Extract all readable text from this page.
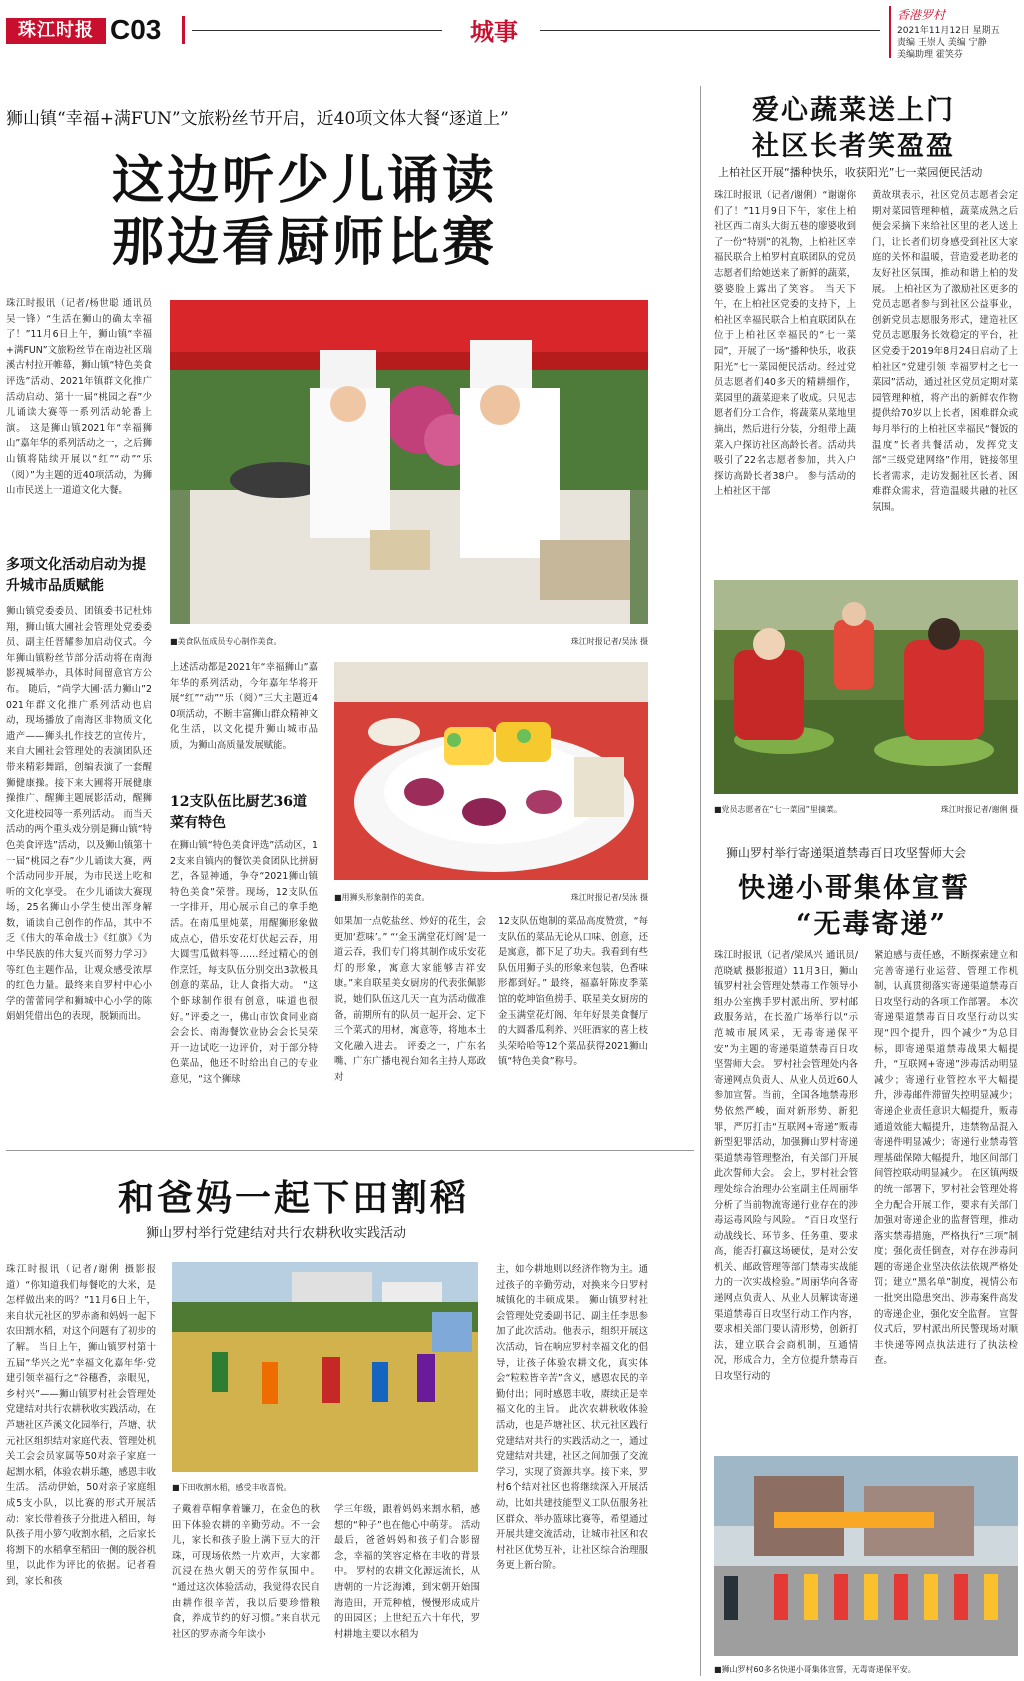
珠江时报 C03	城事
香港罗村
2021年11月12日 星期五
责编 王崇人 美编 宁静
美编助理 霍笑芬
狮山镇“幸福+满FUN”文旅粉丝节开启，近40项文体大餐“逐道上”
这边听少儿诵读
那边看厨师比赛
珠江时报讯（记者/杨世聪 通讯员 吴一锋）“生活在狮山的确太幸福了！”11月6日上午，狮山镇“幸福+满FUN”文旅粉丝节在南边社区瑞溪古村拉开帷幕，狮山镇“特色美食评选”活动、2021年镇群文化推广活动启动、第十一届“桃园之春”少儿诵读大赛等一系列活动轮番上演。 这是狮山镇2021年“幸福狮山”嘉年华的系列活动之一，之后狮山镇将陆续开展以“红”“动”“乐（阅）”为主题的近40项活动，为狮山市民送上一道道文化大餐。
多项文化活动启动为提升城市品质赋能
狮山镇党委委员、团镇委书记杜炜翔，狮山镇大圃社会管理处党委委员、副主任晋耀参加启动仪式。今年狮山镇粉丝节部分活动将在南海影视城举办，具体时间留意官方公布。 随后，“尚学大圃·活力狮山”2021年群文化推广系列活动也启动，现场播放了南海区非物质文化遗产——狮头扎作技艺的宣传片，来自大圃社会管理处的表演团队还带来精彩舞蹈，创编表演了一套醒狮健康操。接下来大圃将开展健康操推广、醒狮主题展影活动，醒狮文化进校园等一系列活动。 而当天活动的两个重头戏分别是狮山镇“特色美食评选”活动，以及狮山镇第十一届“桃园之春”少儿诵读大赛，两个活动同步开展，为市民送上吃和听的文化享受。 在少儿诵读大赛现场，25名狮山小学生使出浑身解数，诵读自己创作的作品，其中不乏《伟大的革命战士》《红旗》《为中华民族的伟大复兴而努力学习》等红色主题作品，让观众感受浓厚的红色力量。最终来自罗村中心小学的蕾蕾同学和狮城中心小学的陈娟娟凭借出色的表现，脱颖而出。
■美食队伍成员专心制作美食。	珠江时报记者/吴泳 摄
上述活动都是2021年“幸福狮山”嘉年华的系列活动，今年嘉年华将开展“红”“动”“乐（阅）”三大主题近40项活动，不断丰富狮山群众精神文化生活，以文化提升狮山城市品质，为狮山高质量发展赋能。
12支队伍比厨艺36道菜有特色
在狮山镇“特色美食评选”活动区，12支来自镇内的餐饮美食团队比拼厨艺，各显神通，争夺“2021狮山镇特色美食”荣誉。现场，12支队伍一字排开，用心展示自己的拿手绝活。在南瓜里炖菜，用醒狮形象做成点心，借乐安花灯伏起云吞，用大圆雪瓜做料等……经过精心的创作烹饪，每支队伍分别交出3款极具创意的菜品，让人食指大动。 “这个虾球制作很有创意，味道也很好。”评委之一，佛山市饮食同业商会会长、南海餐饮业协会会长吴荣开一边试吃一边评价，对于部分特色菜品，他还不时给出自己的专业意见，“这个狮球
■用狮头形象制作的美食。	珠江时报记者/吴泳 摄
如果加一点乾盐丝、炒好的花生，会更加‘惹味’。” “‘金玉满堂花灯阁’是一道云吞，我们专门将其制作成乐安花灯的形象，寓意大家能够吉祥安康。”来自联星美女厨房的代表张佩影说，她们队伍这几天一直为活动做准备，前期所有的队员一起开会、定下三个菜式的用材，寓意等，将地本土文化融入进去。 评委之一，广东名嘴、广东广播电视台知名主持人郑政对
12支队伍炮制的菜品高度赞赏，“每支队伍的菜品无论从口味、创意，还是寓意，都下足了功夫。我看到有些队伍用狮子头的形象来包装，色香味形都到好。” 最终，福嘉轩陈皮季菜馆的乾坤馅鱼捞手、联星美女厨房的金玉满堂花灯阁、年年好景美食餐厅的大圆番瓜利养、兴旺酒家的喜上枝头荣哈哈等12个菜品获得2021狮山镇“特色美食”称号。
爱心蔬菜送上门
社区长者笑盈盈
上柏社区开展“播种快乐，收获阳光”七一菜园便民活动
珠江时报讯（记者/谢俐）“谢谢你们了！”11月9日下午，家住上柏社区西二南头大街五巷的廖婆收到了一份“特别”的礼物，上柏社区幸福民联合上柏罗村直联团队的党员志愿者们给她送来了新鲜的蔬菜，婆婆脸上露出了笑容。 当天下午，在上柏社区党委的支持下，上柏社区幸福民联合上柏直联团队在位于上柏社区幸福民的“七一菜园”，开展了一场“播种快乐，收获阳光”七一菜园便民活动。经过党员志愿者们40多天的精耕细作，菜园里的蔬菜迎来了收成。只见志愿者们分工合作，将蔬菜从菜地里摘出，然后进行分装，分组带上蔬菜入户探访社区高龄长者。活动共吸引了22名志愿者参加，共入户探访高龄长者38户。 参与活动的上柏社区干部
黄故琪表示，社区党员志愿者会定期对菜园管理种植，蔬菜成熟之后便会采摘下来给社区里的老人送上门，让长者们切身感受到社区大家庭的关怀和温暖，营造爱老助老的友好社区氛围，推动和谐上柏的发展。 上柏社区为了激励社区更多的党员志愿者参与到社区公益事业，创新党员志愿服务形式，建造社区党员志愿服务长效稳定的平台，社区党委于2019年8月24日启动了上柏社区“党建引领 幸福罗村之七一菜园”活动，通过社区党员定期对菜园管理种植，将产出的新鲜农作物提供给70岁以上长者，困难群众或每月举行的上柏社区幸福民“餐饭的温度”长者共餐活动，发挥党支部“三级党建网络”作用，链接邻里长者需求，走访发掘社区长者、困难群众需求，营造温暖共融的社区氛围。
■党员志愿者在“七一菜园”里摘菜。	珠江时报记者/谢俐 摄
狮山罗村举行寄递渠道禁毒百日攻坚誓师大会
快递小哥集体宣誓
“无毒寄递”
珠江时报讯（记者/梁凤兴 通讯员/范晓斌 摄影报道）11月3日，狮山镇罗村社会管理处禁毒工作领导小组办公室携手罗村派出所、罗村邮政服务站，在长盈广场举行以“示范城市展风采，无毒寄递保平安”为主题的寄递渠道禁毒百日攻坚誓师大会。 罗村社会管理处内各寄递网点负责人、从业人员近60人参加宣誓。当前，全国各地禁毒形势依然严峻，面对新形势、新犯罪，严厉打击“互联网+寄递”贩毒新型犯罪活动，加强狮山罗村寄递渠道禁毒管理整治，有关部门开展此次誓师大会。 会上，罗村社会管理处综合治理办公室副主任周丽华分析了当前物流寄递行业存在的涉毒运毒风险与风险。 “百日攻坚行动战线长、环节多、任务重、要求高，能否打赢这场硬仗，是对公安机关、邮政管理等部门禁毒实战能力的一次实战检验。”周丽华向各寄递网点负责人、从业人员解读寄递渠道禁毒百日攻坚行动工作内容，要求相关部门要认清形势，创新打法，建立联合会商机制，互通情况，形成合力，全方位提升禁毒百日攻坚行动的
紧迫感与责任感，不断探索建立和完善寄递行业运营、管理工作机制，认真贯彻落实寄递渠道禁毒百日攻坚行动的各项工作部署。 本次寄递渠道禁毒百日攻坚行动以实现“四个提升，四个减少”为总目标，即寄递渠道禁毒战果大幅提升，“互联网+寄递”涉毒活动明显减少；寄递行业管控水平大幅提升，涉毒邮件滞留失控明显减少；寄递企业责任意识大幅提升，贩毒通道效能大幅提升，违禁物品混入寄递件明显减少；寄递行业禁毒管理基础保障大幅提升，地区间部门间管控联动明显减少。 在区镇两级的统一部署下，罗村社会管理处将全力配合开展工作，要求有关部门加强对寄递企业的监督管理，推动落实禁毒措施，严格执行“三项”制度；强化责任倒查，对存在涉毒问题的寄递企业坚决依法依规严格处罚；建立“黑名单”制度，视情公布一批突出隐患突出、涉毒案件高发的寄递企业，强化安全监督。 宣誓仪式后，罗村派出所民警现场对顺丰快递等网点执法进行了执法检查。
■狮山罗村60多名快递小哥集体宣誓，无毒寄递保平安。
和爸妈一起下田割稻
狮山罗村举行党建结对共行农耕秋收实践活动
珠江时报讯（记者/谢俐 摄影报道）“你知道我们每餐吃的大米，是怎样做出来的吗？”11月6日上午，来自状元社区的罗赤斋和妈妈一起下农田割水稻，对这个问题有了初步的了解。 当日上午，狮山镇罗村第十五届“华兴之光”幸福文化嘉年华·党建引领幸福行之“谷穗香，亲眼见，乡村兴”——狮山镇罗村社会管理处党建结对共行农耕秋收实践活动，在芦塘社区芦溪文化园举行，芦塘、状元社区组织结对家庭代表、管理处机关工会会员家属等50对亲子家庭一起割水稻，体验农耕乐趣，感恩丰收生活。 活动伊始，50对亲子家庭组成5支小队，以比赛的形式开展活动：家长带着孩子分批进入稻田，每队孩子用小箩勺收割水稻，之后家长将割下的水稻拿至稻田一侧的脱谷机里，以此作为评比的依据。记者看到，家长和孩
■下田收割水稻，感受丰收喜悦。
子戴着草帽拿着镰刀，在金色的秋田下体验农耕的辛勤劳动。不一会儿，家长和孩子脸上满下豆大的汗珠，可现场依然一片欢声，大家都沉浸在热火朝天的劳作氛围中。 “通过这次体验活动，我觉得农民自由耕作很辛苦，我以后要珍惜粮食，养成节约的好习惯。”来自状元社区的罗赤斋今年读小
学三年级，跟着妈妈来割水稻，感想的“种子”也在他心中萌芽。 活动最后，爸爸妈妈和孩子们合影留念，幸福的笑容定格在丰收的背景中。 罗村的农耕文化源远流长，从唐朝的一片泛海滩，到宋朝开始围海造田，开荒种植，慢慢形成成片的田园区；上世纪五六十年代，罗村耕地主要以水稻为
主，如今耕地则以经济作物为主。通过孩子的辛勤劳动，对换来今日罗村城镇化的丰硕成果。 狮山镇罗村社会管理处党委副书记、副主任李思参加了此次活动。他表示，组织开展这次活动，旨在响应罗村幸福文化的倡导，让孩子体验农耕文化，真实体会“粒粒皆辛苦”含义，感恩农民的辛勤付出；同时感恩丰收，赓续正是幸福文化的主旨。 此次农耕秋收体验活动，也是芦塘社区、状元社区践行党建结对共行的实践活动之一，通过党建结对共建，社区之间加强了交流学习，实现了资源共享。接下来，罗村6个结对社区也将继续深入开展活动，比如共建技能型义工队伍服务社区群众、举办篮球比赛等，希望通过开展共建交流活动，让城市社区和农村社区优势互补，让社区综合治理服务更上新台阶。
